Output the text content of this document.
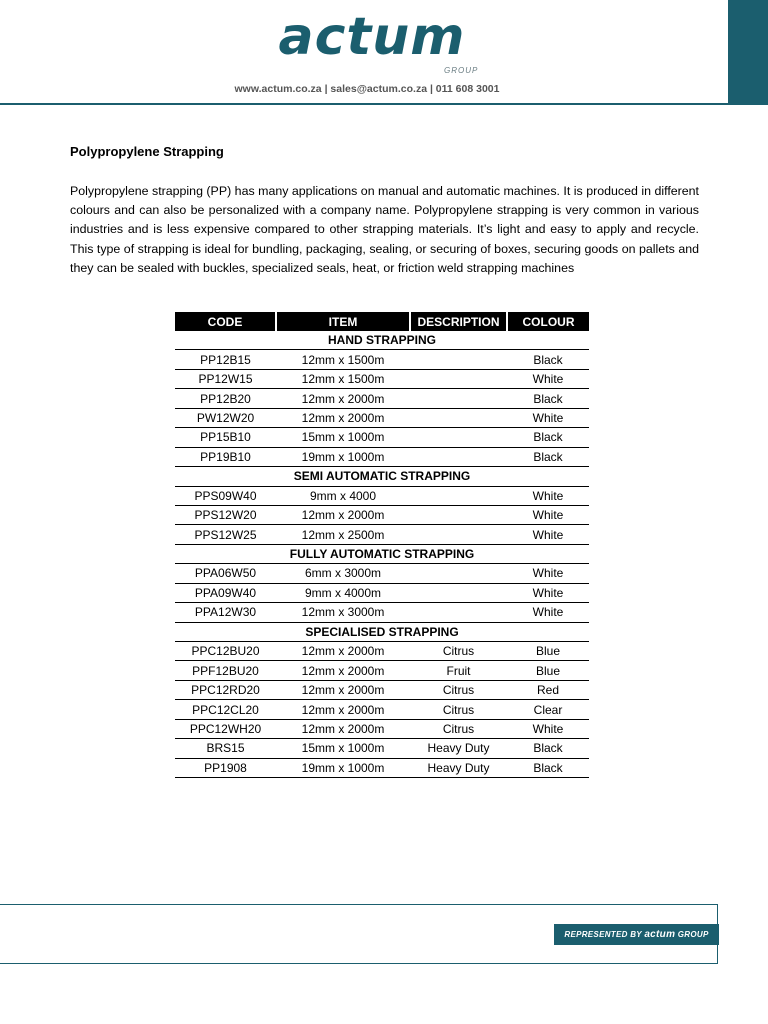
actum
GROUP
www.actum.co.za | sales@actum.co.za | 011 608 3001
Polypropylene Strapping
Polypropylene strapping (PP) has many applications on manual and automatic machines. It is produced in different colours and can also be personalized with a company name. Polypropylene strapping is very common in various industries and is less expensive compared to other strapping materials. It’s light and easy to apply and recycle. This type of strapping is ideal for bundling, packaging, sealing, or securing of boxes, securing goods on pallets and they can be sealed with buckles, specialized seals, heat, or friction weld strapping machines
CODE	ITEM	DESCRIPTION	COLOUR
HAND STRAPPING			
PP12B15	12mm x 1500m		Black
PP12W15	12mm x 1500m		White
PP12B20	12mm x 2000m		Black
PW12W20	12mm x 2000m		White
PP15B10	15mm x 1000m		Black
PP19B10	19mm x 1000m		Black
SEMI AUTOMATIC STRAPPING			
PPS09W40	9mm x 4000		White
PPS12W20	12mm x 2000m		White
PPS12W25	12mm x 2500m		White
FULLY AUTOMATIC STRAPPING			
PPA06W50	6mm x 3000m		White
PPA09W40	9mm x 4000m		White
PPA12W30	12mm x 3000m		White
SPECIALISED STRAPPING			
PPC12BU20	12mm x 2000m	Citrus	Blue
PPF12BU20	12mm x 2000m	Fruit	Blue
PPC12RD20	12mm x 2000m	Citrus	Red
PPC12CL20	12mm x 2000m	Citrus	Clear
PPC12WH20	12mm x 2000m	Citrus	White
BRS15	15mm x 1000m	Heavy Duty	Black
PP1908	19mm x 1000m	Heavy Duty	Black
REPRESENTED BY actum GROUP
